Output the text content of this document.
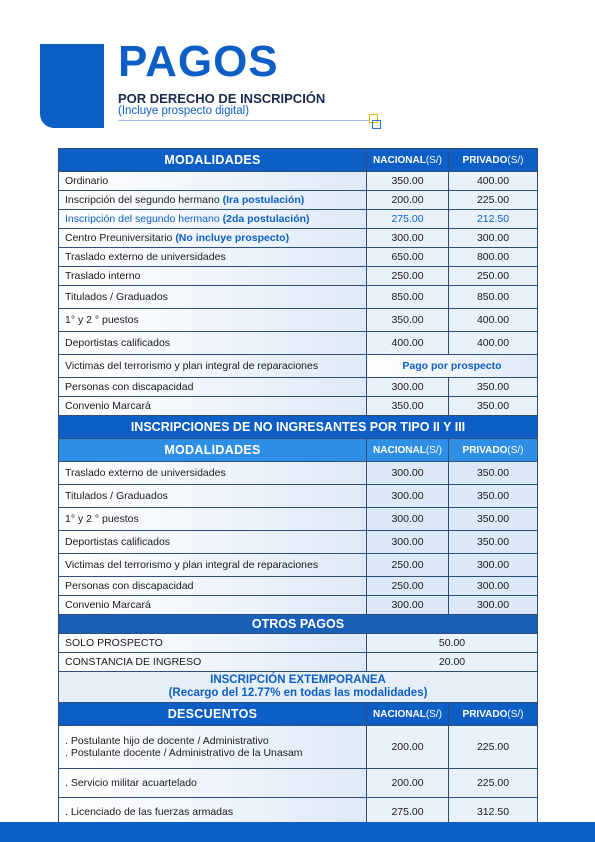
PAGOS
POR DERECHO DE INSCRIPCIÓN
(Incluye prospecto digital)
MODALIDADES	NACIONAL(S/)	PRIVADO(S/)
Ordinario	350.00	400.00
Inscripción del segundo hermano (Ira postulación)	200.00	225.00
Inscripción del segundo hermano (2da postulación)	275.00	212.50
Centro Preuniversitario (No incluye prospecto)	300.00	300.00
Traslado externo de universidades	650.00	800.00
Traslado interno	250.00	250.00
Titulados / Graduados	850.00	850.00
1° y 2 ° puestos	350.00	400.00
Deportistas calificados	400.00	400.00
Victimas del terrorismo y plan integral de reparaciones	Pago por prospecto	
Personas con discapacidad	300.00	350.00
Convenio Marcará	350.00	350.00
INSCRIPCIONES DE NO INGRESANTES POR TIPO II Y III		
MODALIDADES	NACIONAL(S/)	PRIVADO(S/)
Traslado externo de universidades	300.00	350.00
Titulados / Graduados	300.00	350.00
1° y 2 ° puestos	300.00	350.00
Deportistas calificados	300.00	350.00
Victimas del terrorismo y plan integral de reparaciones	250.00	300.00
Personas con discapacidad	250.00	300.00
Convenio Marcará	300.00	300.00
OTROS PAGOS		
SOLO PROSPECTO	50.00	
CONSTANCIA DE INGRESO	20.00	

INSCRIPCIÓN EXTEMPORANEA
(Recargo del 12.77% en todas las modalidades)		

DESCUENTOS	NACIONAL(S/)	PRIVADO(S/)

. Postulante hijo de docente / Administrativo
. Postulante docente / Administrativo de la Unasam	200.00	225.00
. Servicio militar acuartelado	200.00	225.00
. Licenciado de las fuerzas armadas	275.00	312.50
